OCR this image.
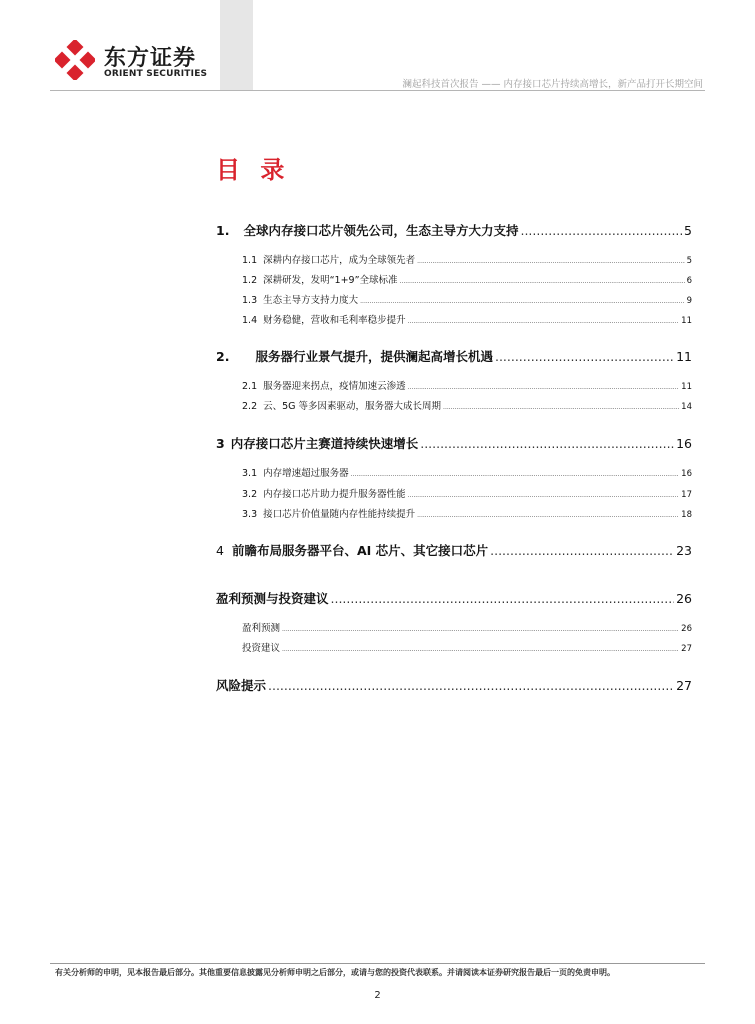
东方证券
ORIENT SECURITIES
澜起科技首次报告 —— 内存接口芯片持续高增长，新产品打开长期空间
目 录
1. 全球内存接口芯片领先公司，生态主导方大力支持 .....	5
1.1 深耕内存接口芯片，成为全球领先者 .....	5
1.2 深耕研发，发明“1+9”全球标准 .....	6
1.3 生态主导方支持力度大 .....	9
1.4 财务稳健，营收和毛利率稳步提升 .....	11
2. 服务器行业景气提升，提供澜起高增长机遇 .....	11
2.1 服务器迎来拐点，疫情加速云渗透 .....	11
2.2 云、5G 等多因素驱动，服务器大成长周期 .....	14
3 内存接口芯片主赛道持续快速增长 .....	16
3.1 内存增速超过服务器 .....	16
3.2 内存接口芯片助力提升服务器性能 .....	17
3.3 接口芯片价值量随内存性能持续提升 .....	18
4 前瞻布局服务器平台、AI 芯片、其它接口芯片 .....	23
盈利预测与投资建议 .....	26
盈利预测 .....	26
投资建议 .....	27
风险提示 .....	27
有关分析师的申明，见本报告最后部分。其他重要信息披露见分析师申明之后部分，或请与您的投资代表联系。并请阅读本证券研究报告最后一页的免责申明。
2
